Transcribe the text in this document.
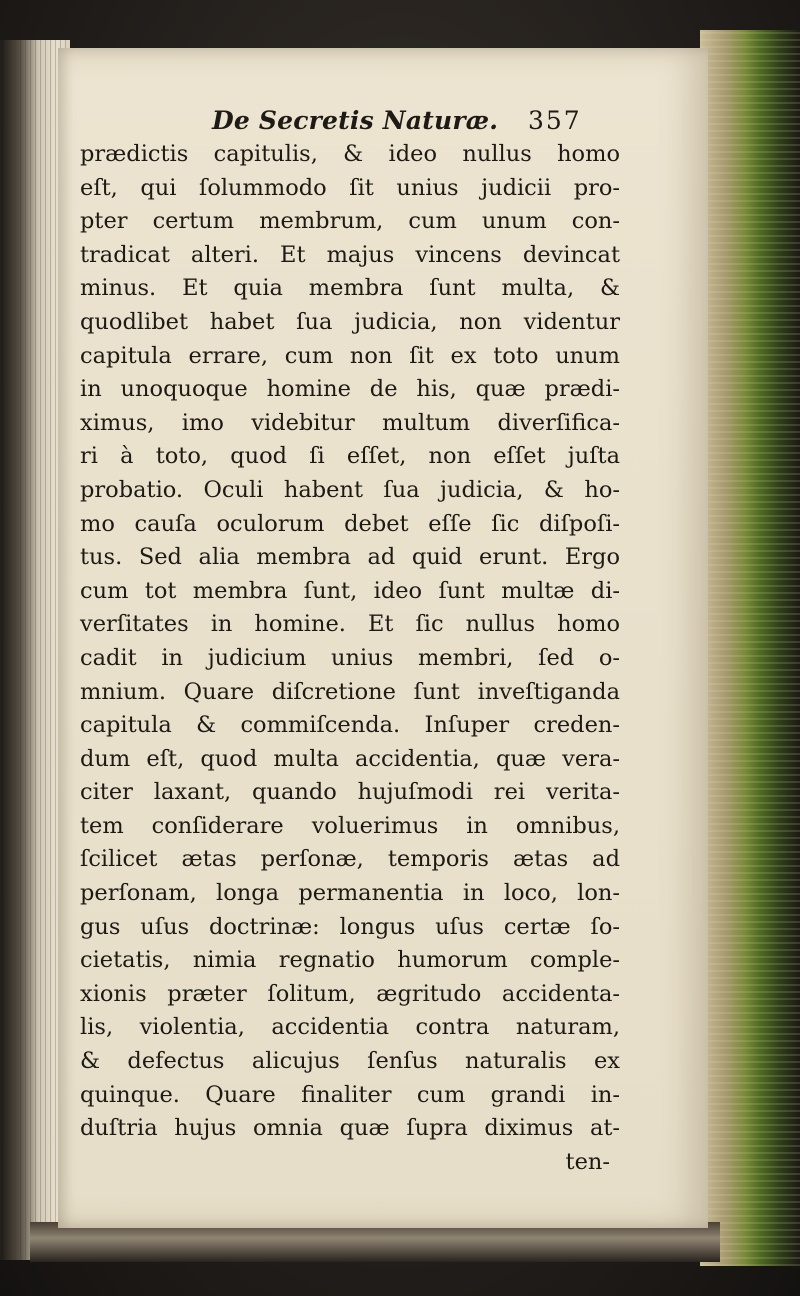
De Secretis Naturæ. 357
prædictis capitulis, & ideo nullus homo
eſt, qui ſolummodo ſit unius judicii pro-
pter certum membrum, cum unum con-
tradicat alteri. Et majus vincens devincat
minus. Et quia membra ſunt multa, &
quodlibet habet ſua judicia, non videntur
capitula errare, cum non ſit ex toto unum
in unoquoque homine de his, quæ prædi-
ximus, imo videbitur multum diverſifica-
ri à toto, quod ſi eſſet, non eſſet juſta
probatio. Oculi habent ſua judicia, & ho-
mo cauſa oculorum debet eſſe ſic diſpoſi-
tus. Sed alia membra ad quid erunt. Ergo
cum tot membra ſunt, ideo ſunt multæ di-
verſitates in homine. Et ſic nullus homo
cadit in judicium unius membri, ſed o-
mnium. Quare diſcretione ſunt inveſtiganda
capitula & commiſcenda. Inſuper creden-
dum eſt, quod multa accidentia, quæ vera-
citer laxant, quando hujuſmodi rei verita-
tem conſiderare voluerimus in omnibus,
ſcilicet ætas perſonæ, temporis ætas ad
perſonam, longa permanentia in loco, lon-
gus uſus doctrinæ: longus uſus certæ ſo-
cietatis, nimia regnatio humorum comple-
xionis præter ſolitum, ægritudo accidenta-
lis, violentia, accidentia contra naturam,
& defectus alicujus ſenſus naturalis ex
quinque. Quare finaliter cum grandi in-
duſtria hujus omnia quæ ſupra diximus at-
ten-
